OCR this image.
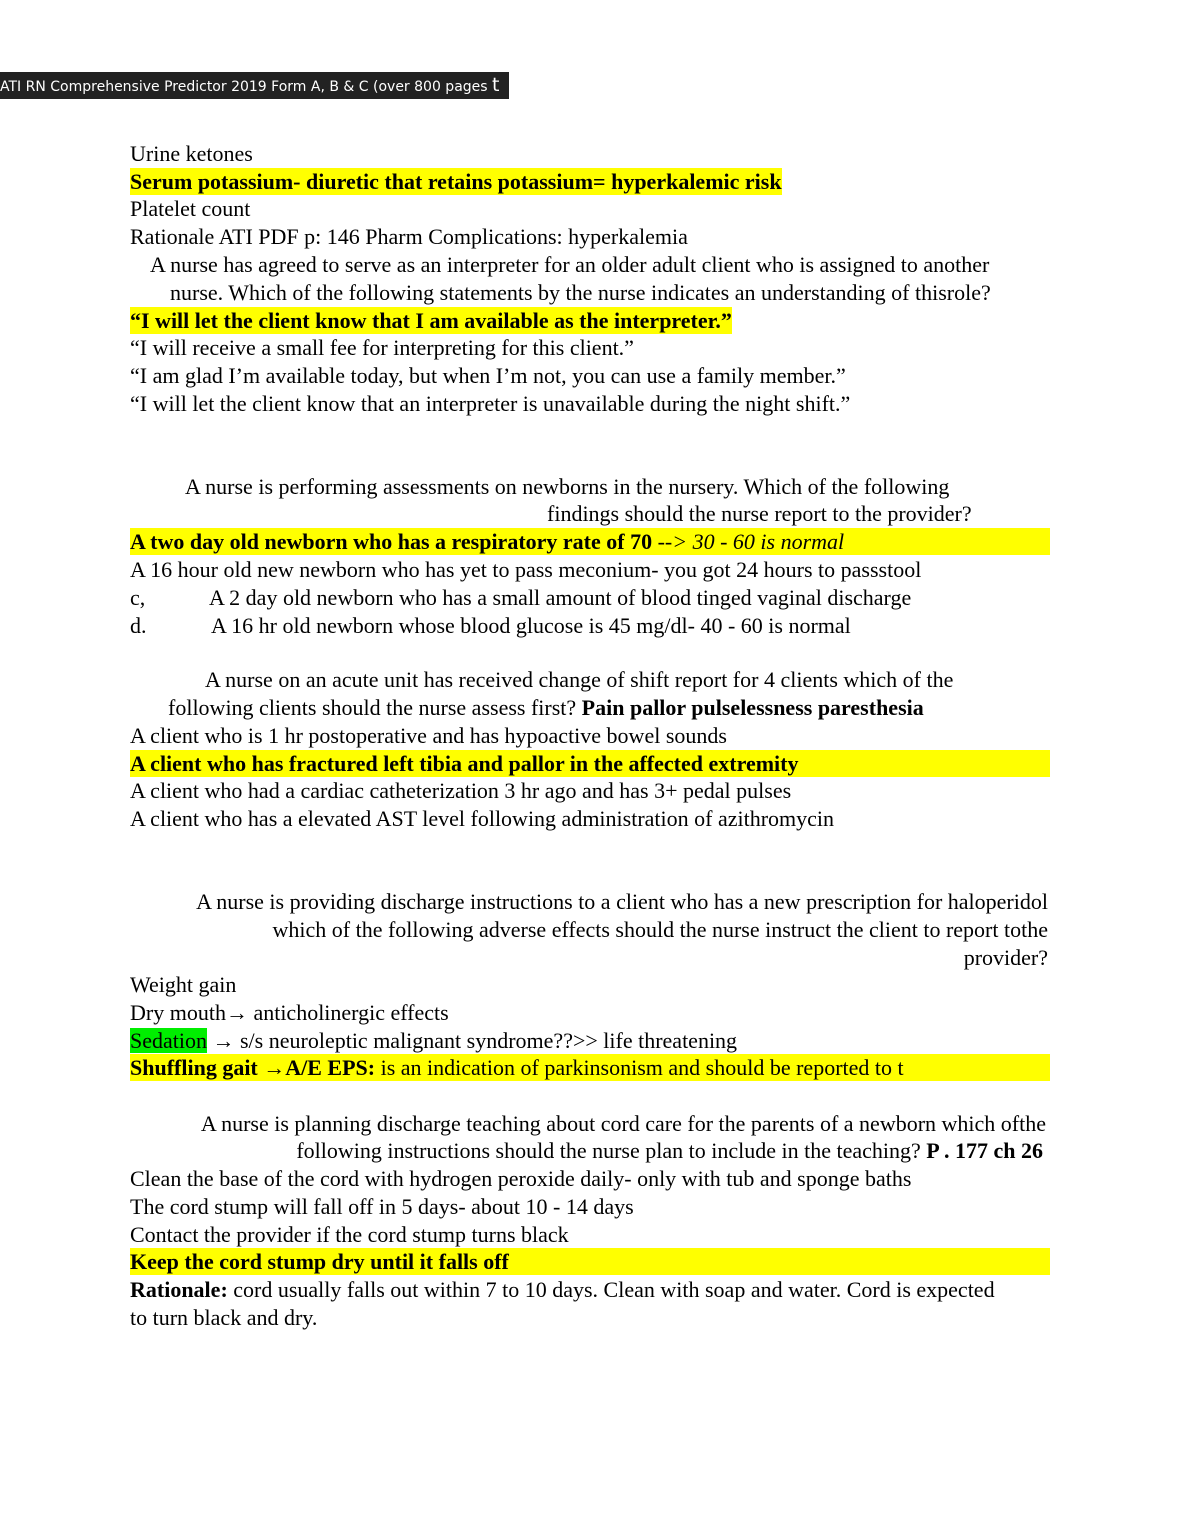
ATI RN Comprehensive Predictor 2019 Form A, B & C (over 800 pages t
Urine ketones
Serum potassium- diuretic that retains potassium= hyperkalemic risk
Platelet count
Rationale ATI PDF p: 146 Pharm Complications: hyperkalemia
A nurse has agreed to serve as an interpreter for an older adult client who is assigned to another
nurse. Which of the following statements by the nurse indicates an understanding of thisrole?
“I will let the client know that I am available as the interpreter.”
“I will receive a small fee for interpreting for this client.”
“I am glad I’m available today, but when I’m not, you can use a family member.”
“I will let the client know that an interpreter is unavailable during the night shift.”
A nurse is performing assessments on newborns in the nursery. Which of the following
findings should the nurse report to the provider?
A two day old newborn who has a respiratory rate of 70 --> 30 - 60 is normal
A 16 hour old new newborn who has yet to pass meconium- you got 24 hours to passstool
c,	A 2 day old newborn who has a small amount of blood tinged vaginal discharge
d.	A 16 hr old newborn whose blood glucose is 45 mg/dl- 40 - 60 is normal
A nurse on an acute unit has received change of shift report for 4 clients which of the
following clients should the nurse assess first? Pain pallor pulselessness paresthesia
A client who is 1 hr postoperative and has hypoactive bowel sounds
A client who has fractured left tibia and pallor in the affected extremity
A client who had a cardiac catheterization 3 hr ago and has 3+ pedal pulses
A client who has a elevated AST level following administration of azithromycin
A nurse is providing discharge instructions to a client who has a new prescription for haloperidol
which of the following adverse effects should the nurse instruct the client to report tothe
provider?
Weight gain
Dry mouth→ anticholinergic effects
Sedation → s/s neuroleptic malignant syndrome??>> life threatening
Shuffling gait →A/E EPS: is an indication of parkinsonism and should be reported to t
A nurse is planning discharge teaching about cord care for the parents of a newborn which ofthe
following instructions should the nurse plan to include in the teaching? P . 177 ch 26
Clean the base of the cord with hydrogen peroxide daily- only with tub and sponge baths
The cord stump will fall off in 5 days- about 10 - 14 days
Contact the provider if the cord stump turns black
Keep the cord stump dry until it falls off
Rationale: cord usually falls out within 7 to 10 days. Clean with soap and water. Cord is expected
to turn black and dry.
